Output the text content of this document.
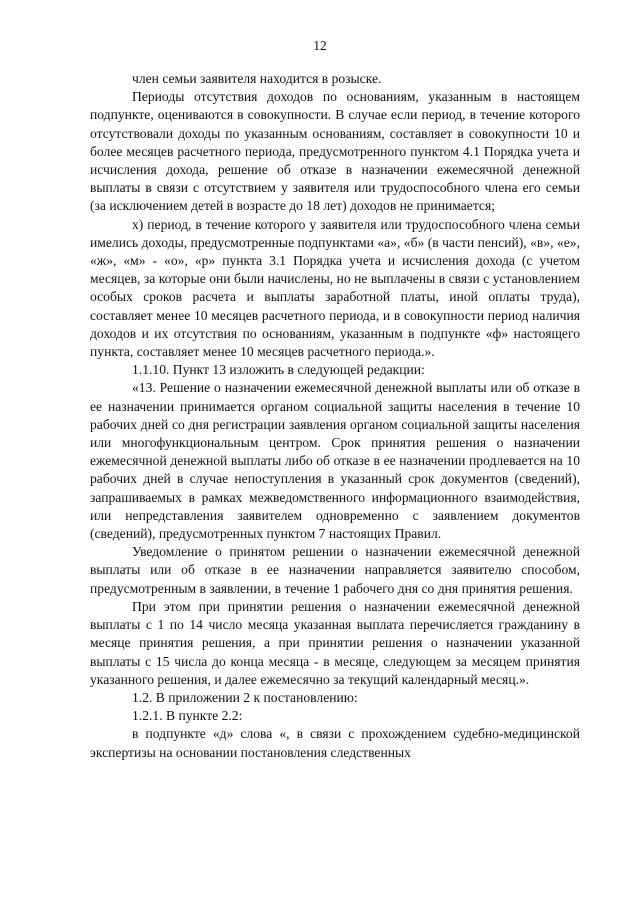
12

член семьи заявителя находится в розыске.

Периоды отсутствия доходов по основаниям, указанным в настоящем подпункте, оцениваются в совокупности. В случае если период, в течение которого отсутствовали доходы по указанным основаниям, составляет в совокупности 10 и более месяцев расчетного периода, предусмотренного пунктом 4.1 Порядка учета и исчисления дохода, решение об отказе в назначении ежемесячной денежной выплаты в связи с отсутствием у заявителя или трудоспособного члена его семьи (за исключением детей в возрасте до 18 лет) доходов не принимается;

х) период, в течение которого у заявителя или трудоспособного члена семьи имелись доходы, предусмотренные подпунктами «а», «б» (в части пенсий), «в», «е», «ж», «м» - «о», «р» пункта 3.1 Порядка учета и исчисления дохода (с учетом месяцев, за которые они были начислены, но не выплачены в связи с установлением особых сроков расчета и выплаты заработной платы, иной оплаты труда), составляет менее 10 месяцев расчетного периода, и в совокупности период наличия доходов и их отсутствия по основаниям, указанным в подпункте «ф» настоящего пункта, составляет менее 10 месяцев расчетного периода.».

1.1.10. Пункт 13 изложить в следующей редакции:

«13. Решение о назначении ежемесячной денежной выплаты или об отказе в ее назначении принимается органом социальной защиты населения в течение 10 рабочих дней со дня регистрации заявления органом социальной защиты населения или многофункциональным центром. Срок принятия решения о назначении ежемесячной денежной выплаты либо об отказе в ее назначении продлевается на 10 рабочих дней в случае непоступления в указанный срок документов (сведений), запрашиваемых в рамках межведомственного информационного взаимодействия, или непредставления заявителем одновременно с заявлением документов (сведений), предусмотренных пунктом 7 настоящих Правил.

Уведомление о принятом решении о назначении ежемесячной денежной выплаты или об отказе в ее назначении направляется заявителю способом, предусмотренным в заявлении, в течение 1 рабочего дня со дня принятия решения.

При этом при принятии решения о назначении ежемесячной денежной выплаты с 1 по 14 число месяца указанная выплата перечисляется гражданину в месяце принятия решения, а при принятии решения о назначении указанной выплаты с 15 числа до конца месяца - в месяце, следующем за месяцем принятия указанного решения, и далее ежемесячно за текущий календарный месяц.».

1.2. В приложении 2 к постановлению:

1.2.1. В пункте 2.2:

в подпункте «д» слова «, в связи с прохождением судебно-медицинской экспертизы на основании постановления следственных
